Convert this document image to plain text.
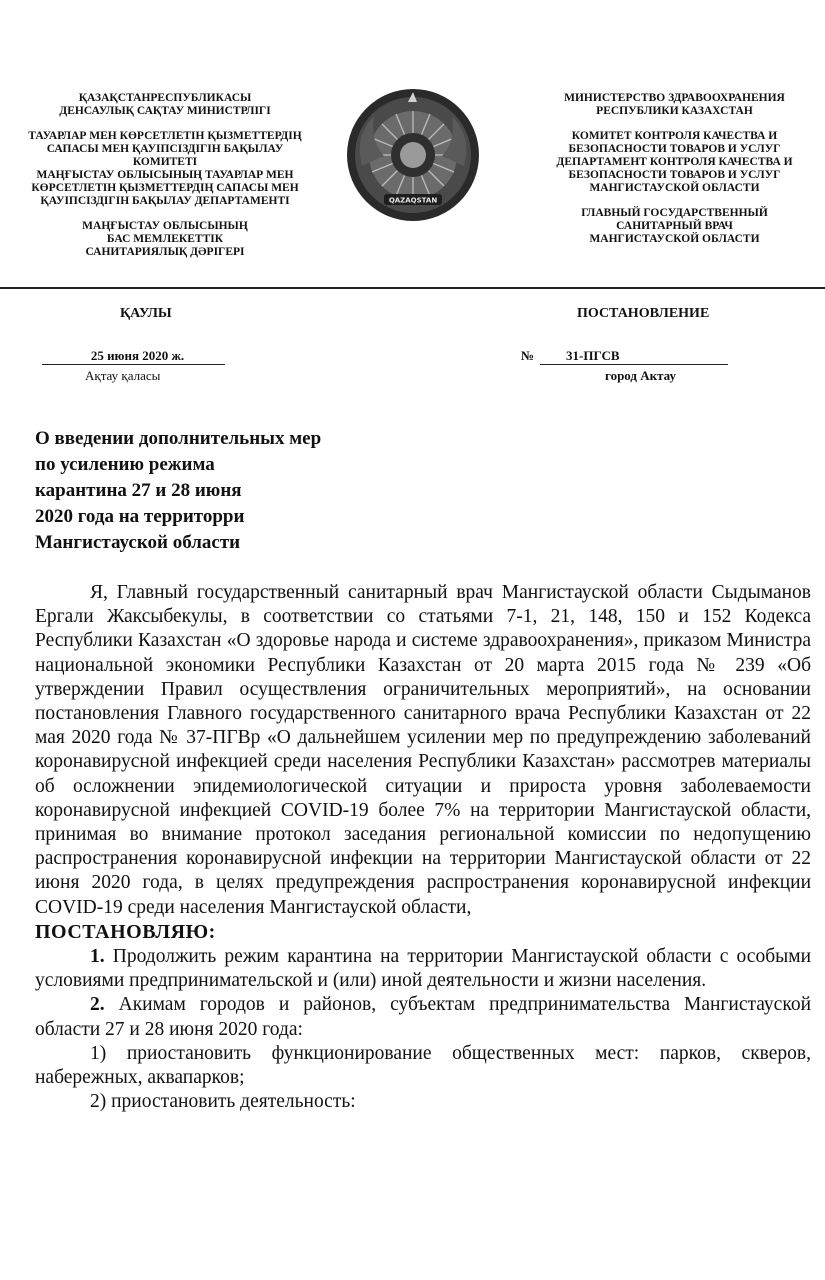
ҚАЗАҚСТАНРЕСПУБЛИКАСЫ
ДЕНСАУЛЫҚ САҚТАУ МИНИСТРЛІГІ
ТАУАРЛАР МЕН КӨРСЕТЛЕТІН ҚЫЗМЕТТЕРДІҢ
САПАСЫ МЕН ҚАУІПСІЗДІГІН БАҚЫЛАУ
КОМИТЕТІ
МАҢҒЫСТАУ ОБЛЫСЫНЫҢ ТАУАРЛАР МЕН
КӨРСЕТЛЕТІН ҚЫЗМЕТТЕРДІҢ САПАСЫ МЕН
ҚАУІПСІЗДІГІН БАҚЫЛАУ ДЕПАРТАМЕНТІ
МАҢҒЫСТАУ ОБЛЫСЫНЫҢ
БАС МЕМЛЕКЕТТІК
САНИТАРИЯЛЫҚ ДӘРІГЕРІ
QAZAQSTAN
МИНИСТЕРСТВО ЗДРАВООХРАНЕНИЯ
РЕСПУБЛИКИ КАЗАХСТАН
КОМИТЕТ КОНТРОЛЯ КАЧЕСТВА И
БЕЗОПАСНОСТИ ТОВАРОВ И УСЛУГ
ДЕПАРТАМЕНТ КОНТРОЛЯ КАЧЕСТВА И
БЕЗОПАСНОСТИ ТОВАРОВ И УСЛУГ
МАНГИСТАУСКОЙ ОБЛАСТИ
ГЛАВНЫЙ ГОСУДАРСТВЕННЫЙ
САНИТАРНЫЙ ВРАЧ
МАНГИСТАУСКОЙ ОБЛАСТИ
ҚАУЛЫ	ПОСТАНОВЛЕНИЕ
25 июня 2020 ж.
Ақтау қаласы
№	31-ПГСВ
город Актау
О введении дополнительных мер
по усилению режима
карантина 27 и 28 июня
2020 года на территорри
Мангистауской области

Я, Главный государственный санитарный врач Мангистауской области Сыдыманов Ергали Жаксыбекулы, в соответствии со статьями 7-1, 21, 148, 150 и 152 Кодекса Республики Казахстан «О здоровье народа и системе здравоохранения», приказом Министра национальной экономики Республики Казахстан от 20 марта 2015 года № 239 «Об утверждении Правил осуществления ограничительных мероприятий», на основании постановления Главного государственного санитарного врача Республики Казахстан от 22 мая 2020 года № 37-ПГВр «О дальнейшем усилении мер по предупреждению заболеваний коронавирусной инфекцией среди населения Республики Казахстан» рассмотрев материалы об осложнении эпидемиологической ситуации и прироста уровня заболеваемости коронавирусной инфекцией COVID-19 более 7% на территории Мангистауской области, принимая во внимание протокол заседания региональной комиссии по недопущению распространения коронавирусной инфекции на территории Мангистауской области от 22 июня 2020 года, в целях предупреждения распространения коронавирусной инфекции COVID-19 среди населения Мангистауской области,

ПОСТАНОВЛЯЮ:

1. Продолжить режим карантина на территории Мангистауской области с особыми условиями предпринимательской и (или) иной деятельности и жизни населения.

2. Акимам городов и районов, субъектам предпринимательства Мангистауской области 27 и 28 июня 2020 года:

1) приостановить функционирование общественных мест: парков, скверов, набережных, аквапарков;

2) приостановить деятельность:
